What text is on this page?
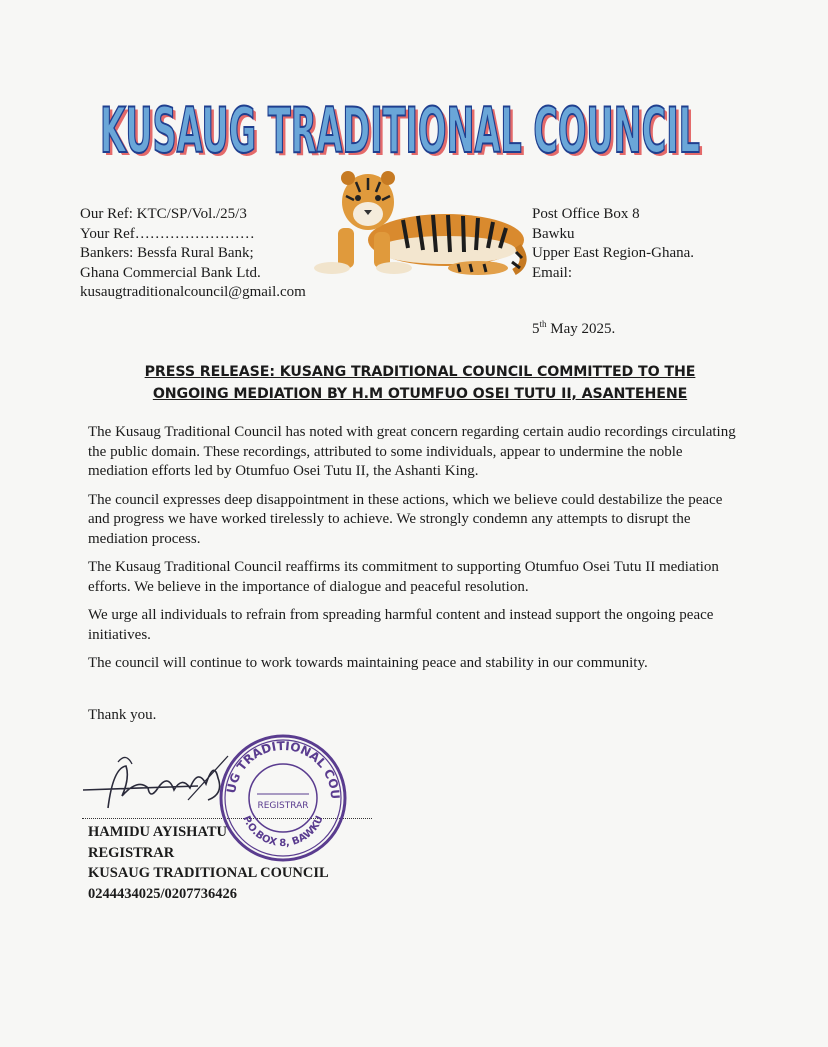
KUSAUG TRADITIONAL COUNCIL
KUSAUG TRADITIONAL COUNCIL
Our Ref: KTC/SP/Vol./25/3
Your Ref……………………
Bankers: Bessfa Rural Bank;
Ghana Commercial Bank Ltd.
kusaugtraditionalcouncil@gmail.com
Post Office Box 8
Bawku
Upper East Region-Ghana.
Email:
5th May 2025.
PRESS RELEASE: KUSANG TRADITIONAL COUNCIL COMMITTED TO THE
ONGOING MEDIATION BY H.M OTUMFUO OSEI TUTU II, ASANTEHENE

The Kusaug Traditional Council has noted with great concern regarding certain audio recordings circulating the public domain. These recordings, attributed to some individuals, appear to undermine the noble mediation efforts led by Otumfuo Osei Tutu II, the Ashanti King.

The council expresses deep disappointment in these actions, which we believe could destabilize the peace and progress we have worked tirelessly to achieve. We strongly condemn any attempts to disrupt the mediation process.

The Kusaug Traditional Council reaffirms its commitment to supporting Otumfuo Osei Tutu II mediation efforts. We believe in the importance of dialogue and peaceful resolution.

We urge all individuals to refrain from spreading harmful content and instead support the ongoing peace initiatives.

The council will continue to work towards maintaining peace and stability in our community.

Thank you.
UG TRADITIONAL COU
P.O.BOX 8, BAWKU
REGISTRAR
HAMIDU AYISHATU
REGISTRAR
KUSAUG TRADITIONAL COUNCIL
0244434025/0207736426
